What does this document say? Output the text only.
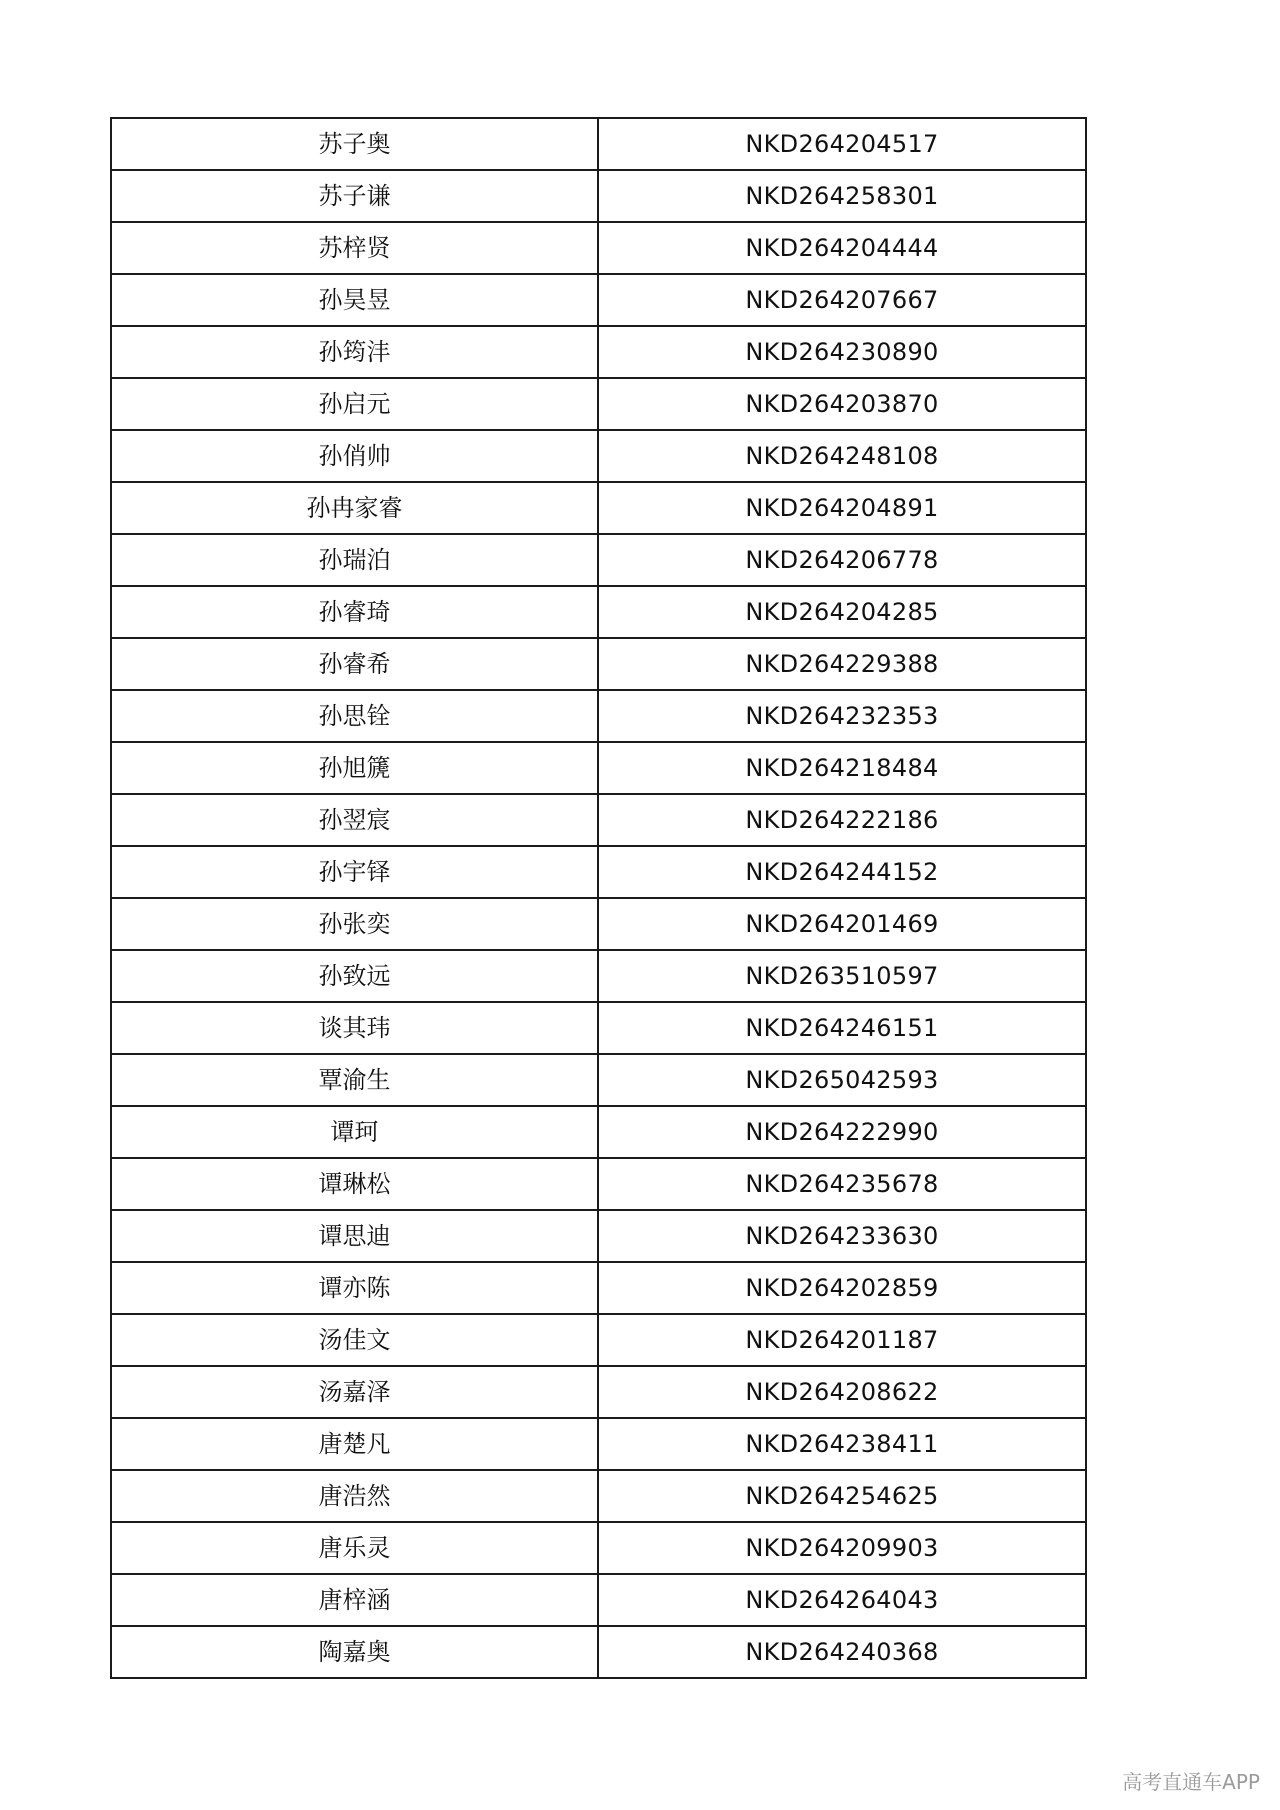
苏子奥	NKD264204517
苏子谦	NKD264258301
苏梓贤	NKD264204444
孙昊昱	NKD264207667
孙筠沣	NKD264230890
孙启元	NKD264203870
孙俏帅	NKD264248108
孙冉家睿	NKD264204891
孙瑞泊	NKD264206778
孙睿琦	NKD264204285
孙睿希	NKD264229388
孙思铨	NKD264232353
孙旭篪	NKD264218484
孙翌宸	NKD264222186
孙宇铎	NKD264244152
孙张奕	NKD264201469
孙致远	NKD263510597
谈其玮	NKD264246151
覃渝生	NKD265042593
谭珂	NKD264222990
谭琳松	NKD264235678
谭思迪	NKD264233630
谭亦陈	NKD264202859
汤佳文	NKD264201187
汤嘉泽	NKD264208622
唐楚凡	NKD264238411
唐浩然	NKD264254625
唐乐灵	NKD264209903
唐梓涵	NKD264264043
陶嘉奥	NKD264240368
高考直通车APP
